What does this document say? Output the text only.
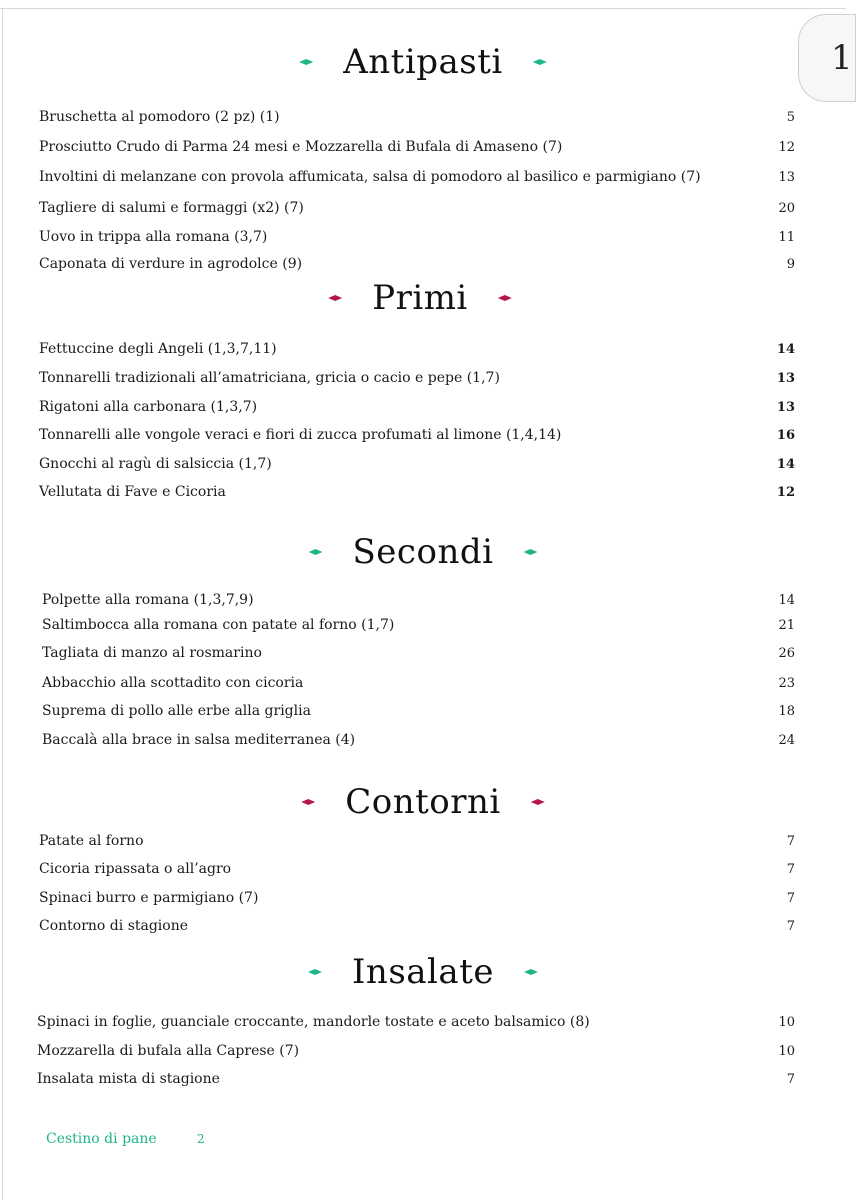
1
Antipasti
Bruschetta al pomodoro (2 pz) (1)	5
Prosciutto Crudo di Parma 24 mesi e Mozzarella di Bufala di Amaseno (7)	12
Involtini di melanzane con provola affumicata, salsa di pomodoro al basilico e parmigiano (7)	13
Tagliere di salumi e formaggi (x2) (7)	20
Uovo in trippa alla romana (3,7)	11
Caponata di verdure in agrodolce (9)	9
Primi
Fettuccine degli Angeli (1,3,7,11)	14
Tonnarelli tradizionali all’amatriciana, gricia o cacio e pepe (1,7)	13
Rigatoni alla carbonara (1,3,7)	13
Tonnarelli alle vongole veraci e fiori di zucca profumati al limone (1,4,14)	16
Gnocchi al ragù di salsiccia (1,7)	14
Vellutata di Fave e Cicoria	12
Secondi
Polpette alla romana (1,3,7,9)	14
Saltimbocca alla romana con patate al forno (1,7)	21
Tagliata di manzo al rosmarino	26
Abbacchio alla scottadito con cicoria	23
Suprema di pollo alle erbe alla griglia	18
Baccalà alla brace in salsa mediterranea (4)	24
Contorni
Patate al forno	7
Cicoria ripassata o all’agro	7
Spinaci burro e parmigiano (7)	7
Contorno di stagione	7
Insalate
Spinaci in foglie, guanciale croccante, mandorle tostate e aceto balsamico (8)	10
Mozzarella di bufala alla Caprese (7)	10
Insalata mista di stagione	7
Cestino di pane	2
